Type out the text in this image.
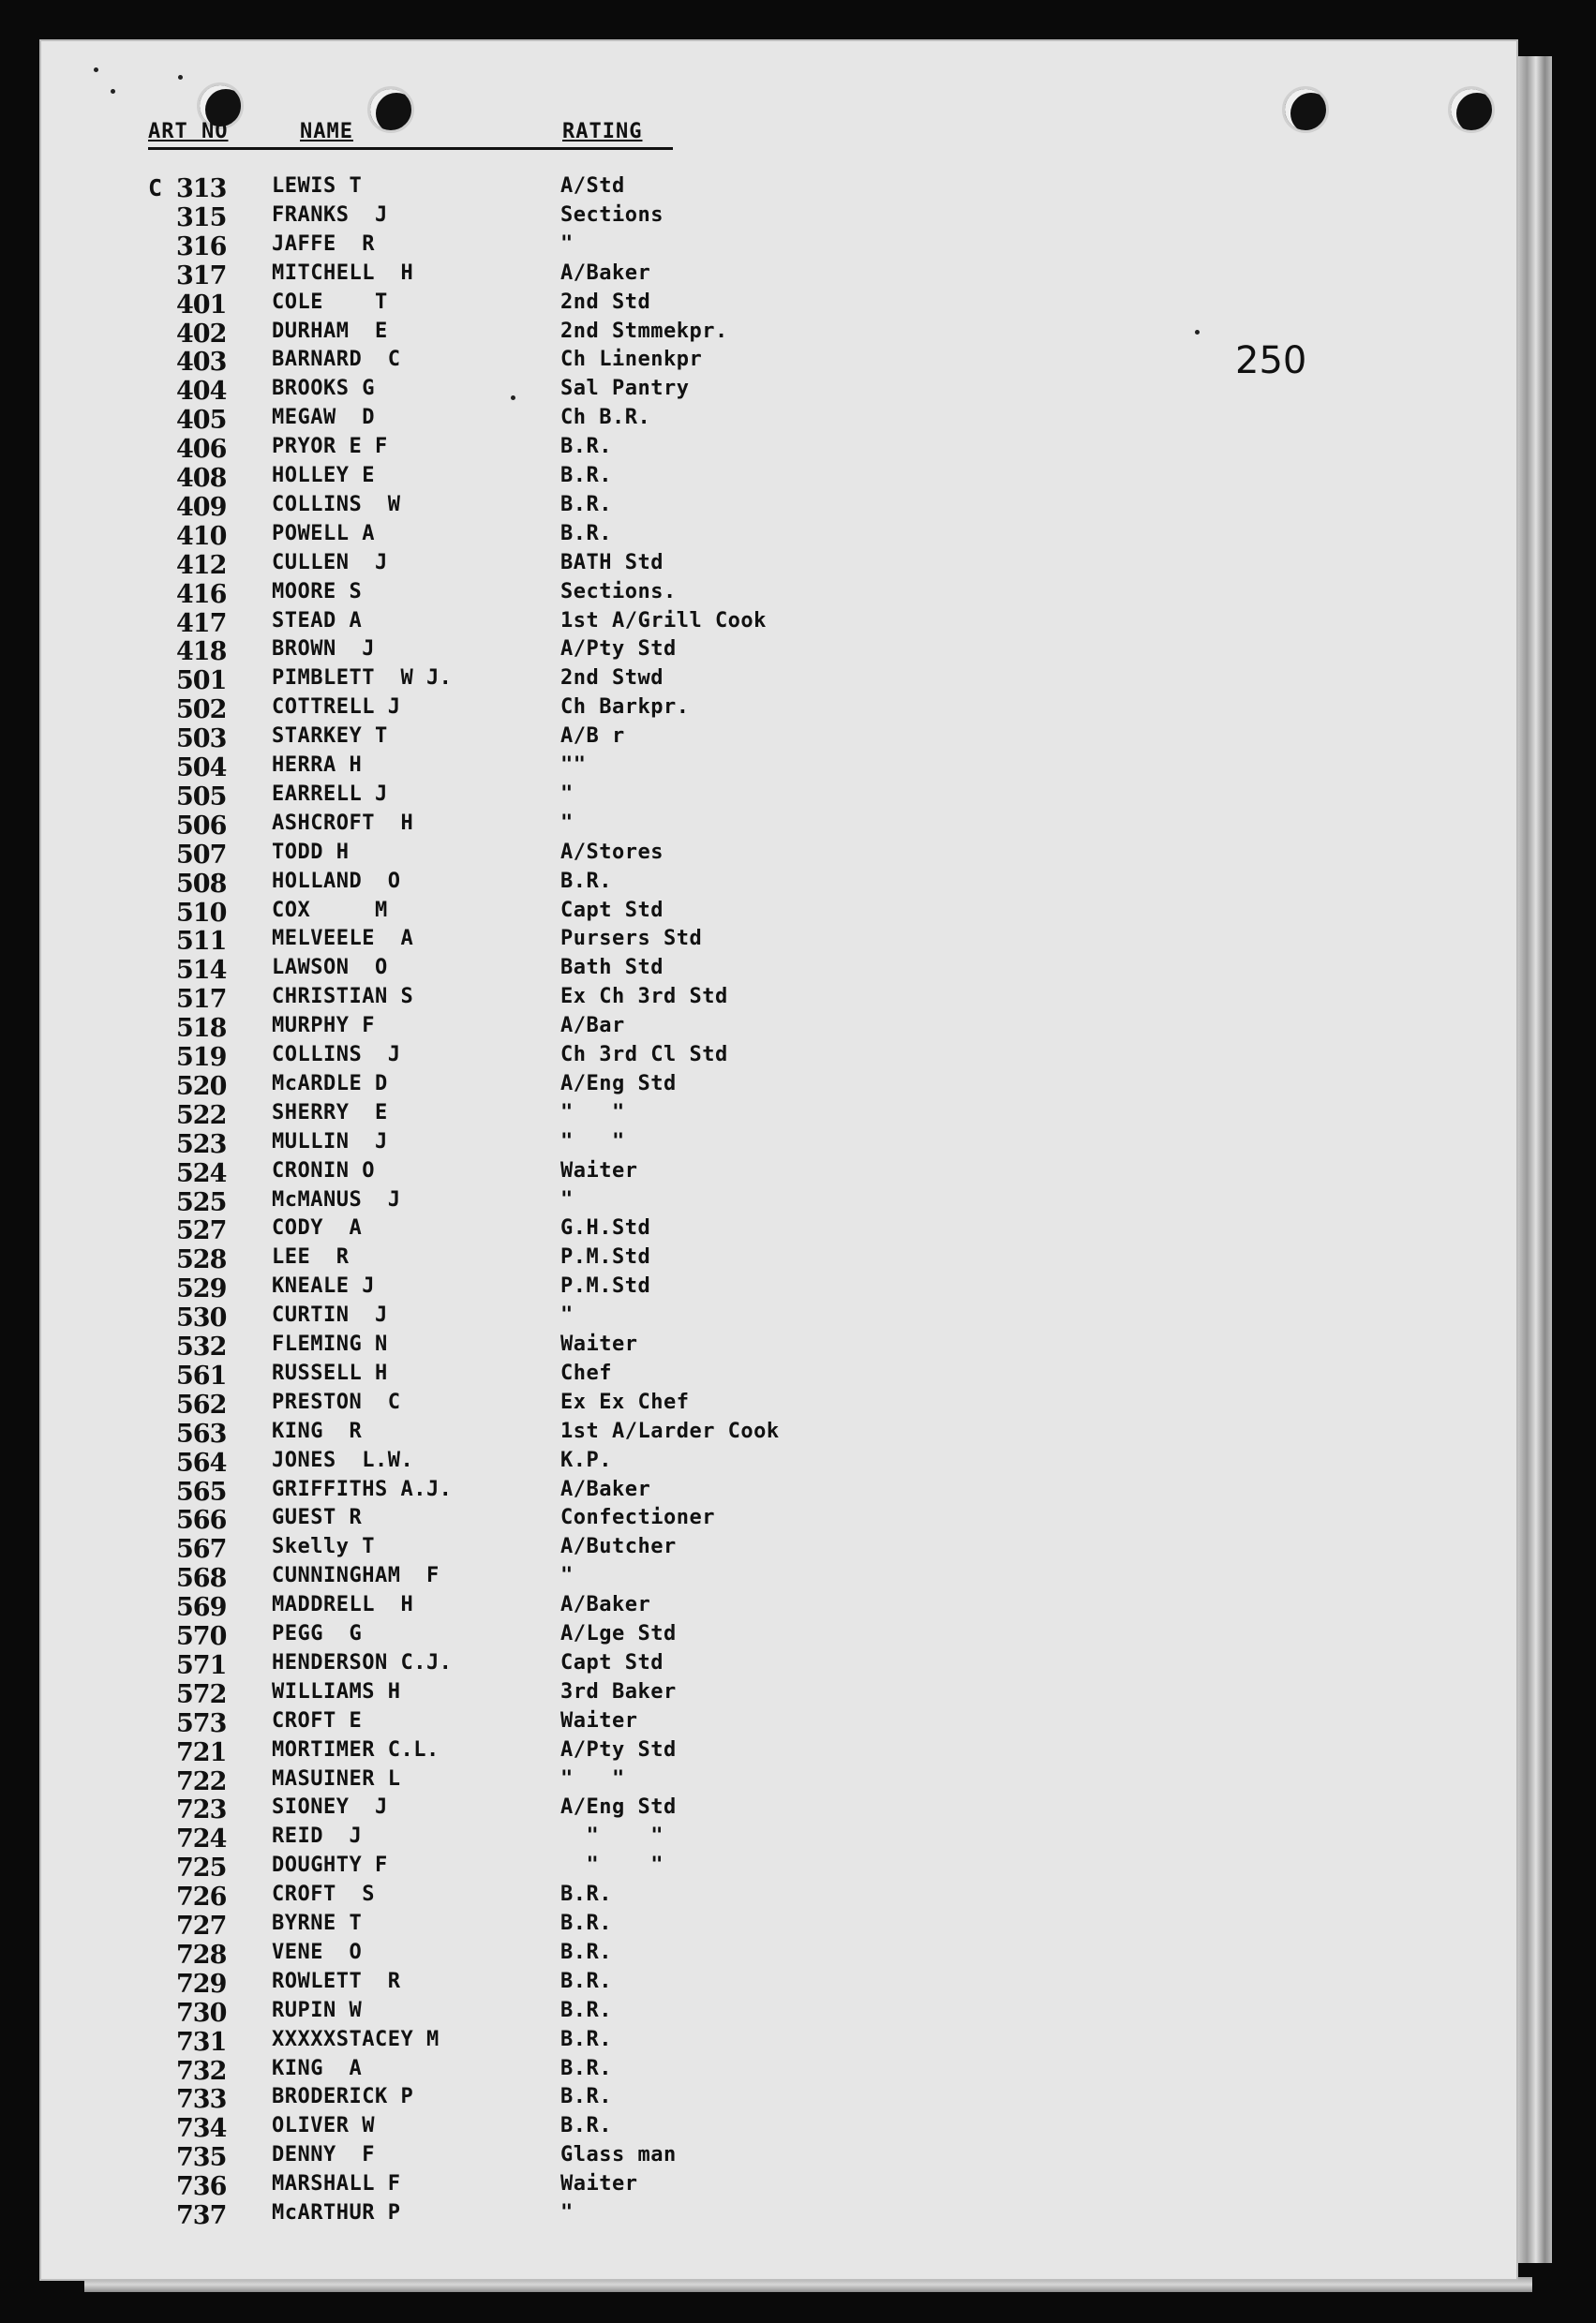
ART NO	NAME	RATING
250
C 313	LEWIS T	A/Std
315	FRANKS  J	Sections
316	JAFFE  R	"
317	MITCHELL  H	A/Baker
401	COLE    T	2nd Std
402	DURHAM  E	2nd Stmmekpr.
403	BARNARD  C	Ch Linenkpr
404	BROOKS G	Sal Pantry
405	MEGAW  D	Ch B.R.
406	PRYOR E F	B.R.
408	HOLLEY E	B.R.
409	COLLINS  W	B.R.
410	POWELL A	B.R.
412	CULLEN  J	BATH Std
416	MOORE S	Sections.
417	STEAD A	1st A/Grill Cook
418	BROWN  J	A/Pty Std
501	PIMBLETT  W J.	2nd Stwd
502	COTTRELL J	Ch Barkpr.
503	STARKEY T	A/B r
504	HERRA H	""
505	EARRELL J	"
506	ASHCROFT  H	"
507	TODD H	A/Stores
508	HOLLAND  O	B.R.
510	COX     M	Capt Std
511	MELVEELE  A	Pursers Std
514	LAWSON  O	Bath Std
517	CHRISTIAN S	Ex Ch 3rd Std
518	MURPHY F	A/Bar
519	COLLINS  J	Ch 3rd Cl Std
520	McARDLE D	A/Eng Std
522	SHERRY  E	"   "
523	MULLIN  J	"   "
524	CRONIN O	Waiter
525	McMANUS  J	"
527	CODY  A	G.H.Std
528	LEE  R	P.M.Std
529	KNEALE J	P.M.Std
530	CURTIN  J	"
532	FLEMING N	Waiter
561	RUSSELL H	Chef
562	PRESTON  C	Ex Ex Chef
563	KING  R	1st A/Larder Cook
564	JONES  L.W.	K.P.
565	GRIFFITHS A.J.	A/Baker
566	GUEST R	Confectioner
567	Skelly T	A/Butcher
568	CUNNINGHAM  F	"
569	MADDRELL  H	A/Baker
570	PEGG  G	A/Lge Std
571	HENDERSON C.J.	Capt Std
572	WILLIAMS H	3rd Baker
573	CROFT E	Waiter
721	MORTIMER C.L.	A/Pty Std
722	MASUINER L	"   "
723	SIONEY  J	A/Eng Std
724	REID  J	"    "
725	DOUGHTY F	"    "
726	CROFT  S	B.R.
727	BYRNE T	B.R.
728	VENE  O	B.R.
729	ROWLETT  R	B.R.
730	RUPIN W	B.R.
731	XXXXXSTACEY M	B.R.
732	KING  A	B.R.
733	BRODERICK P	B.R.
734	OLIVER W	B.R.
735	DENNY  F	Glass man
736	MARSHALL F	Waiter
737	McARTHUR P	"
